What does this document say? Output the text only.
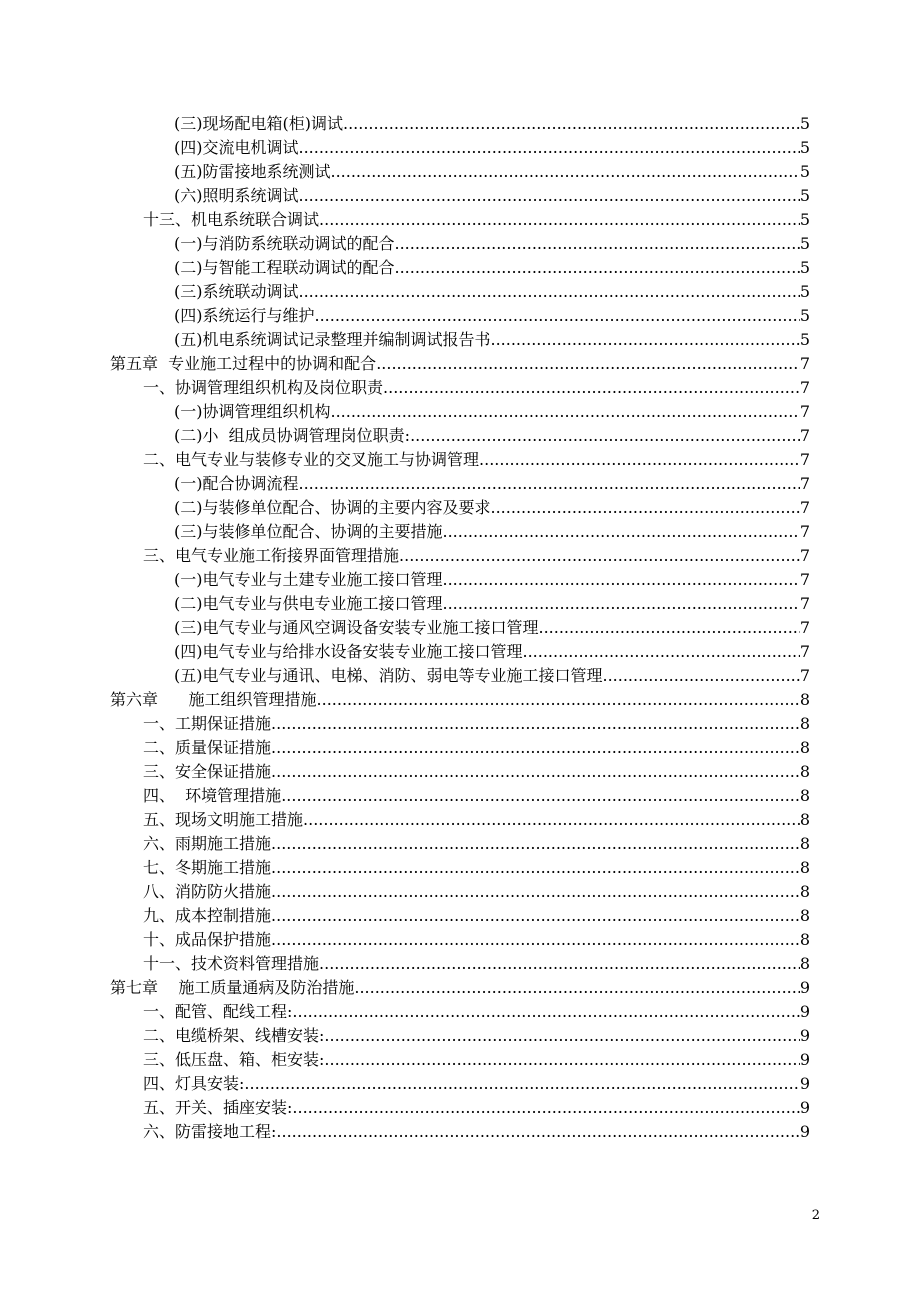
(三)现场配电箱(柜)调试 .....	5
(四)交流电机调试 .....	5
(五)防雷接地系统测试 .....	5
(六)照明系统调试 .....	5
十三、机电系统联合调试 .....	5
(一)与消防系统联动调试的配合 .....	5
(二)与智能工程联动调试的配合 .....	5
(三)系统联动调试 .....	5
(四)系统运行与维护 .....	5
(五)机电系统调试记录整理并编制调试报告书 .....	5
第五章  专业施工过程中的协调和配合 .....	7
一、协调管理组织机构及岗位职责 .....	7
(一)协调管理组织机构 .....	7
(二)小  组成员协调管理岗位职责: .....	7
二、电气专业与装修专业的交叉施工与协调管理 .....	7
(一)配合协调流程 .....	7
(二)与装修单位配合、协调的主要内容及要求 .....	7
(三)与装修单位配合、协调的主要措施 .....	7
三、电气专业施工衔接界面管理措施 .....	7
(一)电气专业与土建专业施工接口管理 .....	7
(二)电气专业与供电专业施工接口管理 .....	7
(三)电气专业与通风空调设备安装专业施工接口管理 .....	7
(四)电气专业与给排水设备安装专业施工接口管理 .....	7
(五)电气专业与通讯、电梯、消防、弱电等专业施工接口管理 .....	7
第六章      施工组织管理措施 .....	8
一、工期保证措施 .....	8
二、质量保证措施 .....	8
三、安全保证措施 .....	8
四、  环境管理措施 .....	8
五、现场文明施工措施 .....	8
六、雨期施工措施 .....	8
七、冬期施工措施 .....	8
八、消防防火措施 .....	8
九、成本控制措施 .....	8
十、成品保护措施 .....	8
十一、技术资料管理措施 .....	8
第七章    施工质量通病及防治措施 .....	9
一、配管、配线工程: .....	9
二、电缆桥架、线槽安装: .....	9
三、低压盘、箱、柜安装: .....	9
四、灯具安装: .....	9
五、开关、插座安装: .....	9
六、防雷接地工程: .....	9
2
